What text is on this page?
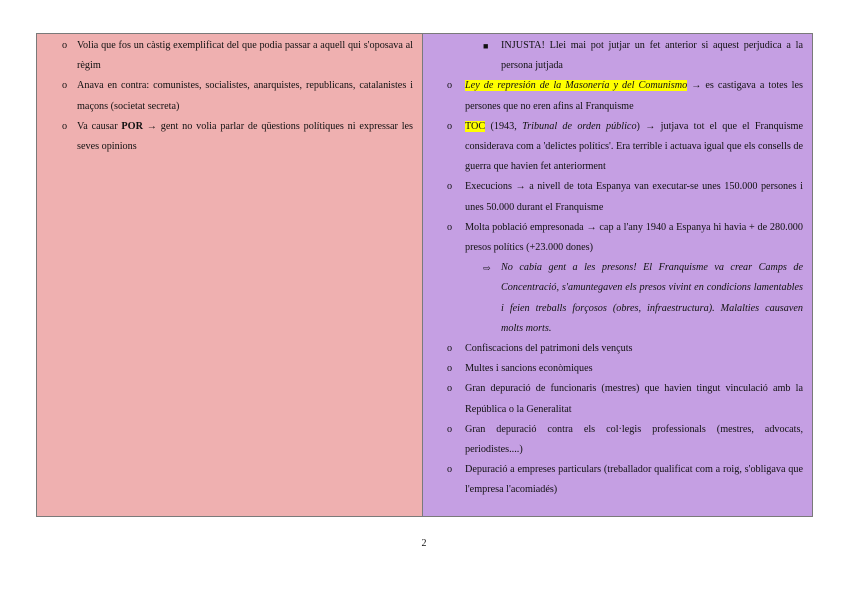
o Volia que fos un càstig exemplificat del que podia passar a aquell qui s'oposava al règim
o Anava en contra: comunistes, socialistes, anarquistes, republicans, catalanistes i maçons (societat secreta)
o Va causar POR → gent no volia parlar de qüestions polítiques ni expressar les seves opinions
■ INJUSTA! Llei mai pot jutjar un fet anterior si aquest perjudica a la persona jutjada
o Ley de represión de la Masonería y del Comunismo → es castigava a totes les persones que no eren afins al Franquisme
o TOC (1943, Tribunal de orden público) → jutjava tot el que el Franquisme considerava com a 'delictes polítics'. Era terrible i actuava igual que els consells de guerra que havien fet anteriorment
o Execucions → a nivell de tota Espanya van executar-se unes 150.000 persones i unes 50.000 durant el Franquisme
o Molta població empresonada → cap a l'any 1940 a Espanya hi havia + de 280.000 presos polítics (+23.000 dones)
⇨ No cabia gent a les presons! El Franquisme va crear Camps de Concentració, s'amuntegaven els presos vivint en condicions lamentables i feien treballs forçosos (obres, infraestructura). Malalties causaven molts morts.
o Confiscacions del patrimoni dels vençuts
o Multes i sancions econòmiques
o Gran depuració de funcionaris (mestres) que havien tingut vinculació amb la República o la Generalitat
o Gran depuració contra els col·legis professionals (mestres, advocats, periodistes....)
o Depuració a empreses particulars (treballador qualificat com a roig, s'obligava que l'empresa l'acomiadés)
2
